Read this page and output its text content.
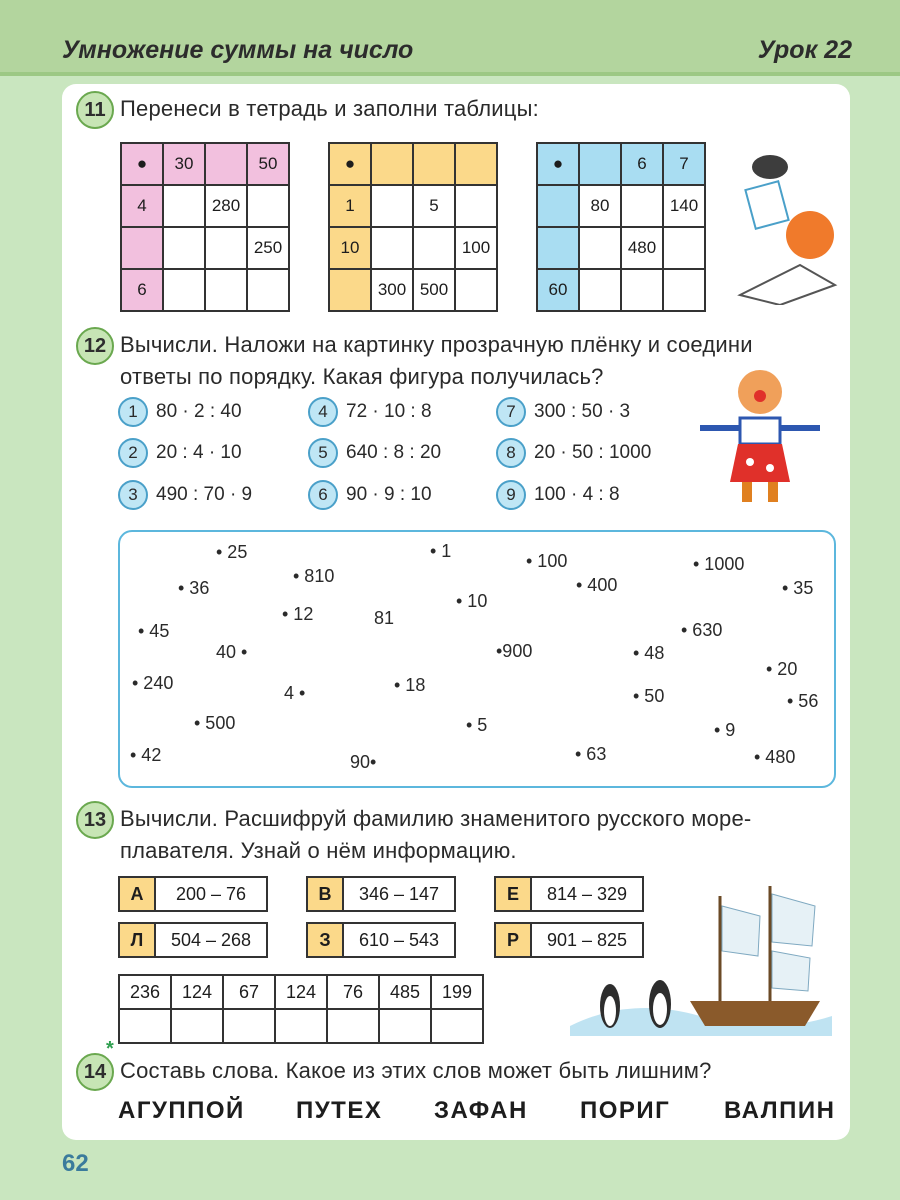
Умножение суммы на число	Урок 22
11 Перенеси в тетрадь и заполни таблицы:
●	30		50
4		280	
			250
6			
●			
1		5	
10			100
	300	500	
●		6	7
	80		140
		480	
60			
12 Вычисли. Наложи на картинку прозрачную плёнку и соедини
ответы по порядку. Какая фигура получилась?
1 80 · 2 : 40
2 20 : 4 · 10
3 490 : 70 · 9
4 72 · 10 : 8
5 640 : 8 : 20
6 90 · 9 : 10
7 300 : 50 · 3
8 20 · 50 : 1000
9 100 · 4 : 8
• 25
• 810
• 36
• 12
• 45
40 •
• 240	4 •
• 500
• 42	90•
• 1	• 100
• 400
81
• 10
•900
• 18
• 5
• 63
• 1000
• 35
• 630
• 48
• 20
• 50	• 56
• 9
• 480
13 Вычисли. Расшифруй фамилию знаменитого русского море-
плавателя. Узнай о нём информацию.
А	200 – 76
Л	504 – 268
В	346 – 147
З	610 – 543
Е	814 – 329
Р	901 – 825
236	124	67	124	76	485	199

14
*
Составь слова. Какое из этих слов может быть лишним?
АГУППОЙ ПУТЕХ ЗАФАН ПОРИГ ВАЛПИН
62
